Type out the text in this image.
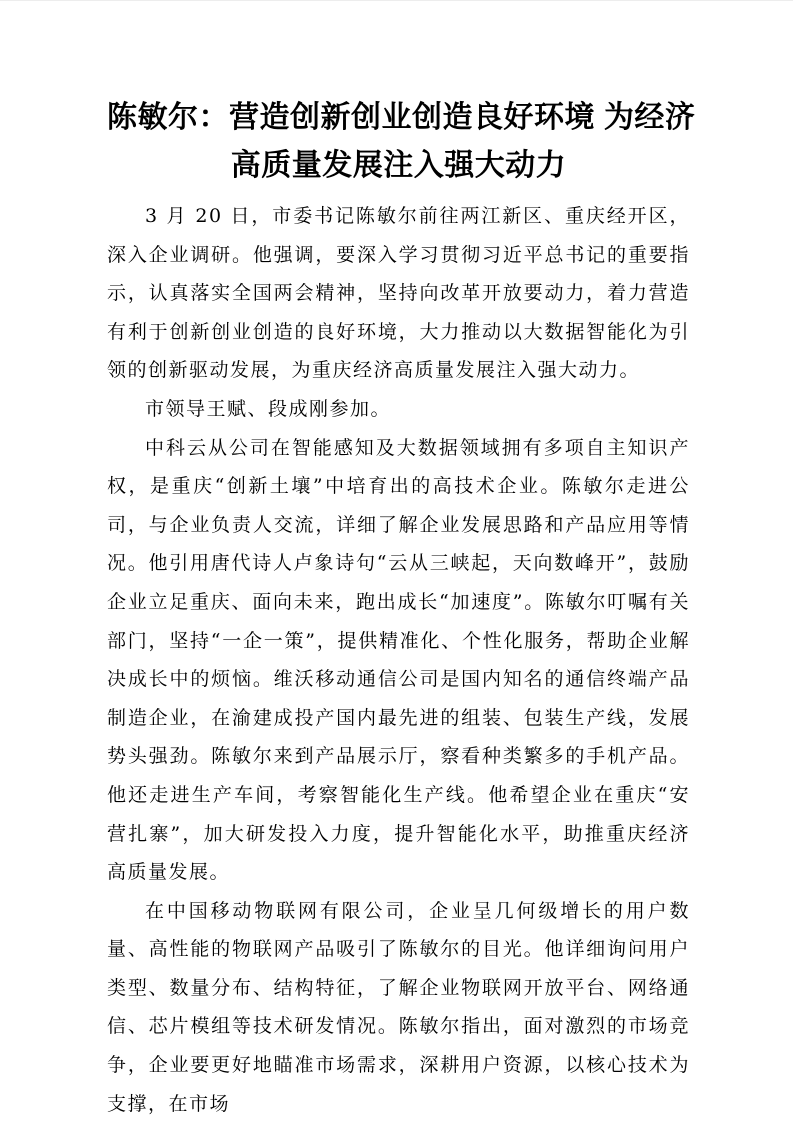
陈敏尔：营造创新创业创造良好环境 为经济
高质量发展注入强大动力

3 月 20 日，市委书记陈敏尔前往两江新区、重庆经开区，深入企业调研。他强调，要深入学习贯彻习近平总书记的重要指示，认真落实全国两会精神，坚持向改革开放要动力，着力营造有利于创新创业创造的良好环境，大力推动以大数据智能化为引领的创新驱动发展，为重庆经济高质量发展注入强大动力。

市领导王赋、段成刚参加。

中科云从公司在智能感知及大数据领域拥有多项自主知识产权，是重庆“创新土壤”中培育出的高技术企业。陈敏尔走进公司，与企业负责人交流，详细了解企业发展思路和产品应用等情况。他引用唐代诗人卢象诗句“云从三峡起，天向数峰开”，鼓励企业立足重庆、面向未来，跑出成长“加速度”。陈敏尔叮嘱有关部门，坚持“一企一策”，提供精准化、个性化服务，帮助企业解决成长中的烦恼。维沃移动通信公司是国内知名的通信终端产品制造企业，在渝建成投产国内最先进的组装、包装生产线，发展势头强劲。陈敏尔来到产品展示厅，察看种类繁多的手机产品。他还走进生产车间，考察智能化生产线。他希望企业在重庆“安营扎寨”，加大研发投入力度，提升智能化水平，助推重庆经济高质量发展。

在中国移动物联网有限公司，企业呈几何级增长的用户数量、高性能的物联网产品吸引了陈敏尔的目光。他详细询问用户类型、数量分布、结构特征，了解企业物联网开放平台、网络通信、芯片模组等技术研发情况。陈敏尔指出，面对激烈的市场竞争，企业要更好地瞄准市场需求，深耕用户资源，以核心技术为支撑，在市场
